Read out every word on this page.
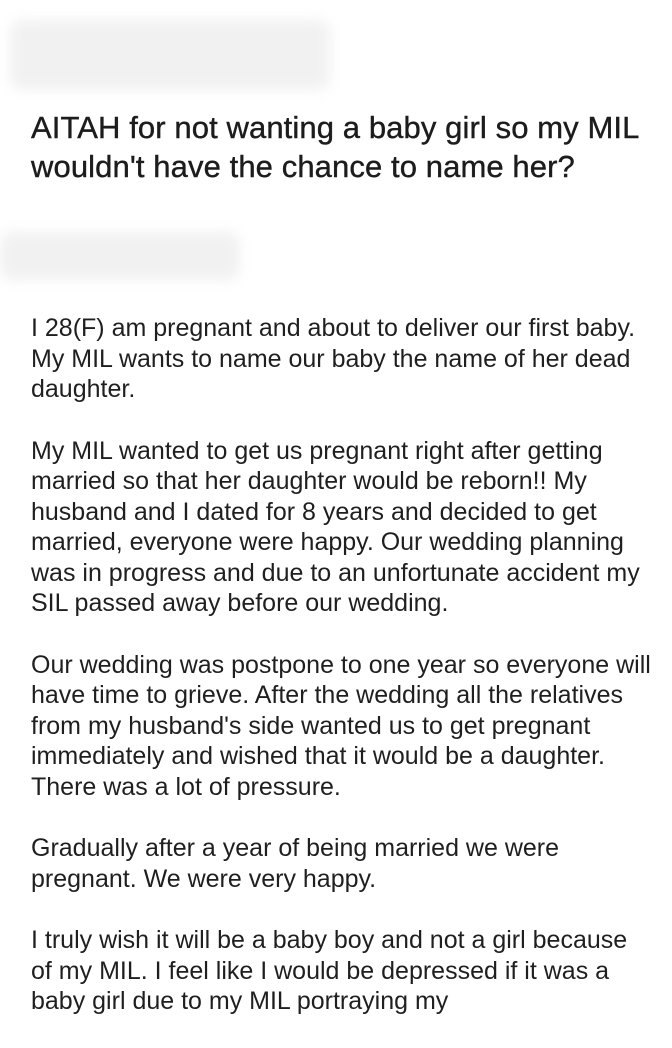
AITAH for not wanting a baby girl so my MIL wouldn't have the chance to name her?

I 28(F) am pregnant and about to deliver our first baby. My MIL wants to name our baby the name of her dead daughter.

My MIL wanted to get us pregnant right after getting married so that her daughter would be reborn!! My husband and I dated for 8 years and decided to get married, everyone were happy. Our wedding planning was in progress and due to an unfortunate accident my SIL passed away before our wedding.

Our wedding was postpone to one year so everyone will have time to grieve. After the wedding all the relatives from my husband's side wanted us to get pregnant immediately and wished that it would be a daughter. There was a lot of pressure.

Gradually after a year of being married we were pregnant. We were very happy.

I truly wish it will be a baby boy and not a girl because of my MIL. I feel like I would be depressed if it was a baby girl due to my MIL portraying my
